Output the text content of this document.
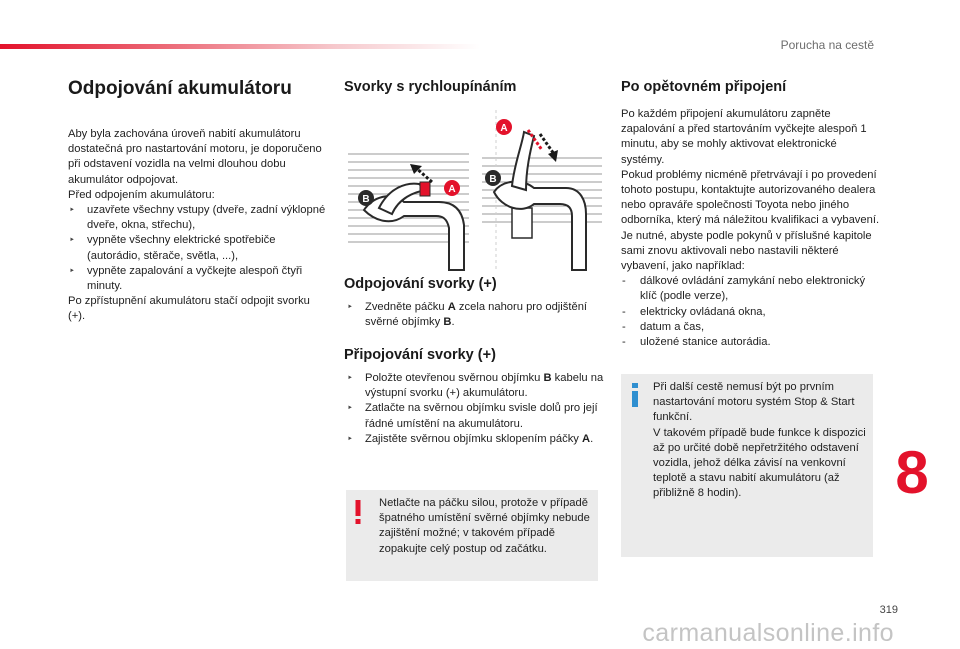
Porucha na cestě
Odpojování akumulátoru

Aby byla zachována úroveň nabití akumulátoru dostatečná pro nastartování motoru, je doporučeno při odstavení vozidla na velmi dlouhou dobu akumulátor odpojovat.

Před odpojením akumulátoru:

‣ uzavřete všechny vstupy (dveře, zadní výklopné dveře, okna, střechu),
‣ vypněte všechny elektrické spotřebiče (autorádio, stěrače, světla, ...),
‣ vypněte zapalování a vyčkejte alespoň čtyři minuty.

Po zpřístupnění akumulátoru stačí odpojit svorku (+).

Svorky s rychloupínáním
A
B
A
B
Odpojování svorky (+)
‣ Zvedněte páčku A zcela nahoru pro odjištění svěrné objímky B.
Připojování svorky (+)
‣ Položte otevřenou svěrnou objímku B kabelu na výstupní svorku (+) akumulátoru.
‣ Zatlačte na svěrnou objímku svisle dolů pro její řádné umístění na akumulátoru.
‣ Zajistěte svěrnou objímku sklopením páčky A.
Netlačte na páčku silou, protože v případě špatného umístění svěrné objímky nebude zajištění možné; v takovém případě zopakujte celý postup od začátku.
Po opětovném připojení

Po každém připojení akumulátoru zapněte zapalování a před startováním vyčkejte alespoň 1 minutu, aby se mohly aktivovat elektronické systémy.

Pokud problémy nicméně přetrvávají i po provedení tohoto postupu, kontaktujte autorizovaného dealera nebo opraváře společnosti Toyota nebo jiného odborníka, který má náležitou kvalifikaci a vybavení.

Je nutné, abyste podle pokynů v příslušné kapitole sami znovu aktivovali nebo nastavili některé vybavení, jako například:

- dálkové ovládání zamykání nebo elektronický klíč (podle verze),
- elektricky ovládaná okna,
- datum a čas,
- uložené stanice autorádia.
Při další cestě nemusí být po prvním nastartování motoru systém Stop & Start funkční.
V takovém případě bude funkce k dispozici až po určité době nepřetržitého odstavení vozidla, jehož délka závisí na venkovní teplotě a stavu nabití akumulátoru (až přibližně 8 hodin).	8
319
carmanualsonline.info
